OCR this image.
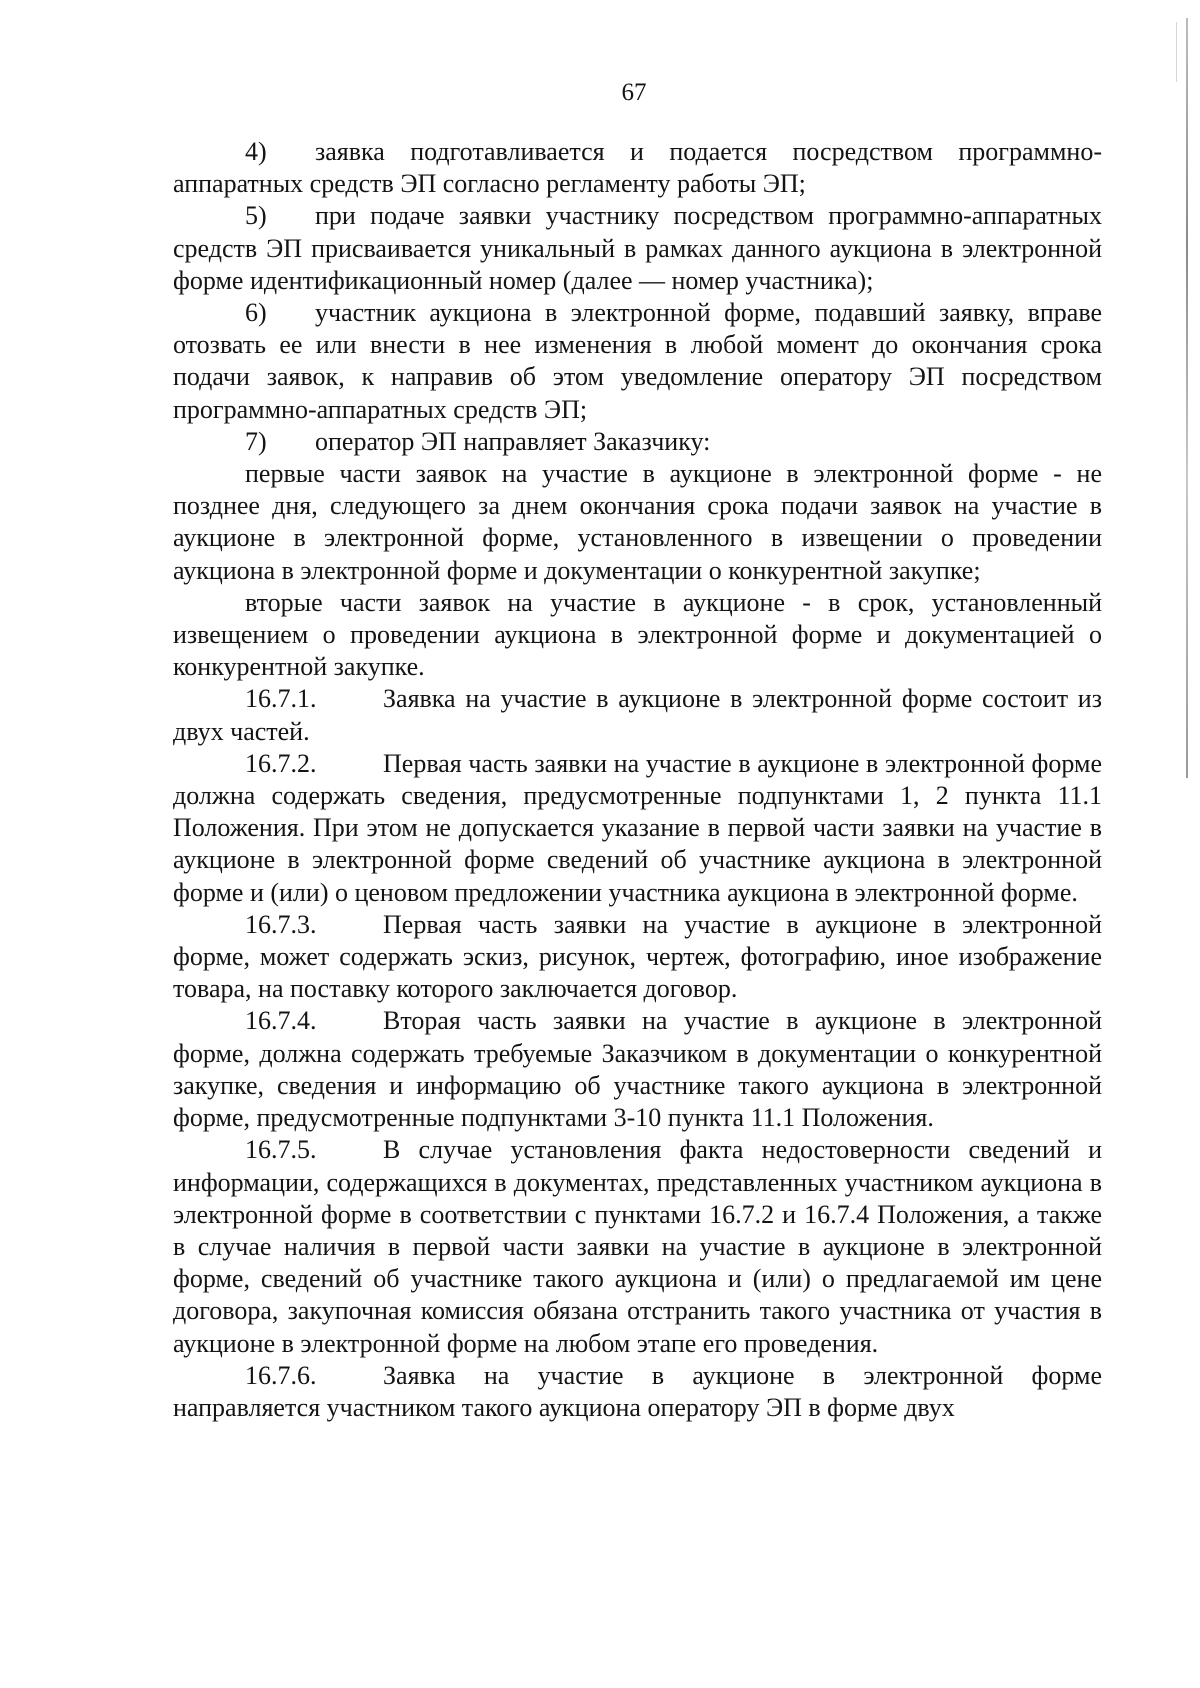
67

4) заявка подготавливается и подается посредством программно-аппаратных средств ЭП согласно регламенту работы ЭП;

5) при подаче заявки участнику посредством программно-аппаратных средств ЭП присваивается уникальный в рамках данного аукциона в электронной форме идентификационный номер (далее — номер участника);

6) участник аукциона в электронной форме, подавший заявку, вправе отозвать ее или внести в нее изменения в любой момент до окончания срока подачи заявок, к направив об этом уведомление оператору ЭП посредством программно-аппаратных средств ЭП;

7) оператор ЭП направляет Заказчику:

первые части заявок на участие в аукционе в электронной форме - не позднее дня, следующего за днем окончания срока подачи заявок на участие в аукционе в электронной форме, установленного в извещении о проведении аукциона в электронной форме и документации о конкурентной закупке;

вторые части заявок на участие в аукционе - в срок, установленный извещением о проведении аукциона в электронной форме и документацией о конкурентной закупке.

16.7.1.	Заявка на участие в аукционе в электронной форме состоит из двух частей.

16.7.2.	Первая часть заявки на участие в аукционе в электронной форме должна содержать сведения, предусмотренные подпунктами 1, 2 пункта 11.1 Положения. При этом не допускается указание в первой части заявки на участие в аукционе в электронной форме сведений об участнике аукциона в электронной форме и (или) о ценовом предложении участника аукциона в электронной форме.

16.7.3.	Первая часть заявки на участие в аукционе в электронной форме, может содержать эскиз, рисунок, чертеж, фотографию, иное изображение товара, на поставку которого заключается договор.

16.7.4.	Вторая часть заявки на участие в аукционе в электронной форме, должна содержать требуемые Заказчиком в документации о конкурентной закупке, сведения и информацию об участнике такого аукциона в электронной форме, предусмотренные подпунктами 3-10 пункта 11.1 Положения.

16.7.5.	В случае установления факта недостоверности сведений и информации, содержащихся в документах, представленных участником аукциона в электронной форме в соответствии с пунктами 16.7.2 и 16.7.4 Положения, а также в случае наличия в первой части заявки на участие в аукционе в электронной форме, сведений об участнике такого аукциона и (или) о предлагаемой им цене договора, закупочная комиссия обязана отстранить такого участника от участия в аукционе в электронной форме на любом этапе его проведения.

16.7.6.	Заявка на участие в аукционе в электронной форме направляется участником такого аукциона оператору ЭП в форме двух
